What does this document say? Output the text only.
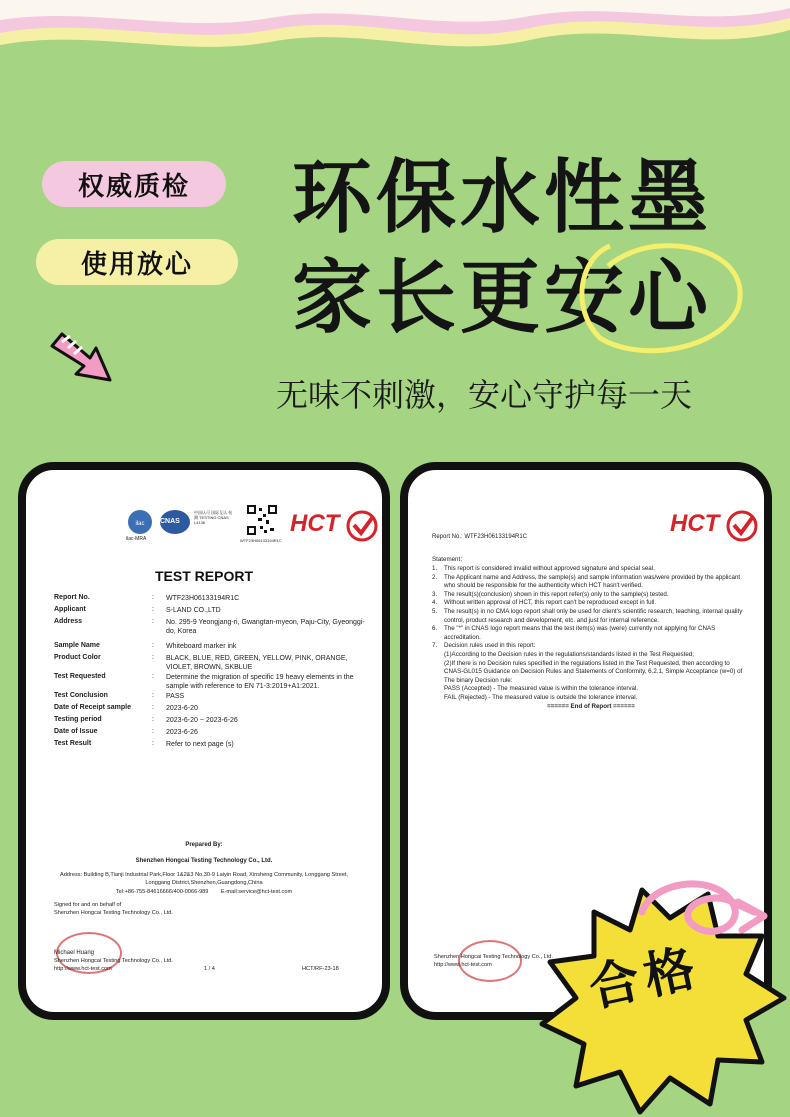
权威质检
使用放心
环保水性墨
家长更安心
无味不刺激，安心守护每一天
ilac
ilac-MRA
CNAS
中国认可 国际互认 检测 TESTING CNAS L4136
WTF23H06133194R1C
HCT
TEST REPORT
Report No.	: WTF23H06133194R1C
Applicant	: S-LAND CO.,LTD
Address	: No. 295-9 Yeongjang-ri, Gwangtan-myeon, Paju-City, Gyeonggi-do, Korea
Sample Name	: Whiteboard marker ink
Product Color	: BLACK, BLUE, RED, GREEN, YELLOW, PINK, ORANGE, VIOLET, BROWN, SKBLUE
Test Requested	: Determine the migration of specific 19 heavy elements in the sample with reference to EN 71-3:2019+A1:2021.
Test Conclusion	: PASS
Date of Receipt sample	: 2023-6-20
Testing period	: 2023-6-20 ~ 2023-6-26
Date of Issue	: 2023-6-26
Test Result	: Refer to next page (s)
Prepared By:
Shenzhen Hongcai Testing Technology Co., Ltd.
Address: Building B,Tianji Industrial Park,Floor 1&2&3 No.30-9 Laiyin Road, Xinsheng Community, Longgang Street, Longgang District,Shenzhen,Guangdong,China
Tel:+86-755-84616666/400-0066-989        E-mail:service@hct-test.com
Signed for and on behalf of
Shenzhen Hongcai Testing Technology Co., Ltd.
Michael Huang
Shenzhen Hongcai Testing Technology Co., Ltd.
http://www.hct-test.com	1 / 4	HCT/RF-23-18
Report No.: WTF23H06133194R1C	HCT
Statement：
1.	This report is considered invalid without approved signature and special seal.
2.	The Applicant name and Address, the sample(s) and sample information was/were provided by the applicant who should be responsible for the authenticity which HCT hasn't verified.
3.	The result(s)(conclusion) shown in this report refer(s) only to the sample(s) tested.
4.	Without written approval of HCT, this report can't be reproduced except in full.
5.	The result(s) in no CMA logo report shall only be used for client's scientific research, teaching, internal quality control, product research and development, etc. and just for internal reference.
6.	The "*" in CNAS logo report means that the test item(s) was (were) currently not applying for CNAS accreditation.
7.	Decision rules used in this report:
(1)According to the Decision rules in the regulations/standards listed in the Test Requested;
(2)If there is no Decision rules specified in the regulations listed in the Test Requested, then according to CNAS-GL015 Guidance on Decision Rules and Statements of Conformity, 6.2.1, Simple Acceptance (w=0) of The binary Decision rule:
PASS (Accepted) - The measured value is within the tolerance interval.
FAIL (Rejected) - The measured value is outside the tolerance interval.
====== End of Report ======
Shenzhen Hongcai Testing Technology Co., Ltd.
http://www.hct-test.com 合格
